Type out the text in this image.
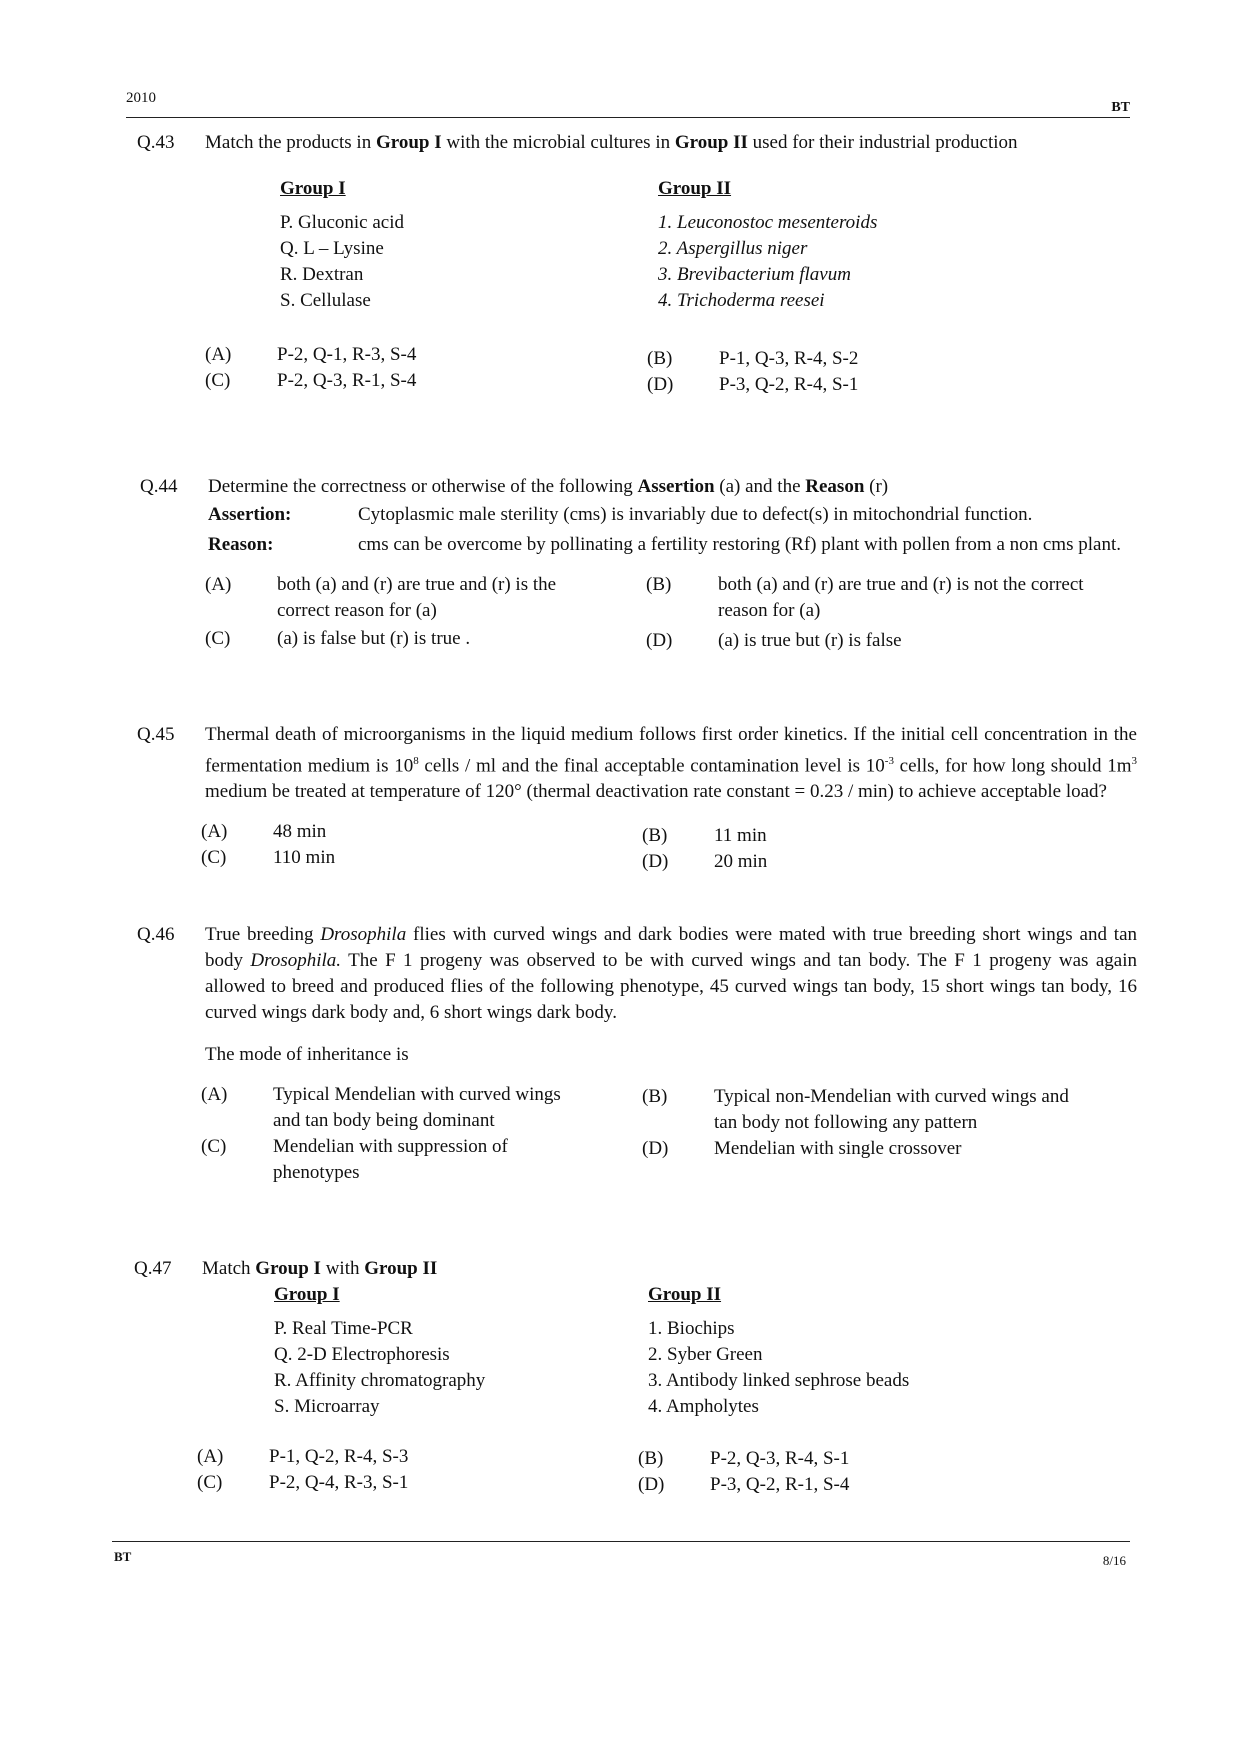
2010
BT
Q.43	Match the products in Group I with the microbial cultures in Group II used for their industrial production
Group I
P. Gluconic acid
Q. L – Lysine
R. Dextran
S. Cellulase
Group II
1. Leuconostoc mesenteroids
2. Aspergillus niger
3. Brevibacterium flavum
4. Trichoderma reesei
(A)	P-2, Q-1, R-3, S-4	(B)	P-1, Q-3, R-4, S-2
(C)	P-2, Q-3, R-1, S-4	(D)	P-3, Q-2, R-4, S-1
Q.44	Determine the correctness or otherwise of the following Assertion (a) and the Reason (r)
Assertion:	Cytoplasmic male sterility (cms) is invariably due to defect(s) in mitochondrial function.
Reason:	cms can be overcome by pollinating a fertility restoring (Rf) plant with pollen from a non cms plant.
(A)	both (a) and (r) are true and (r) is the correct reason for (a)
(B)	both (a) and (r) are true and (r) is not the correct reason for (a)
(C)	(a) is false but (r) is true .	(D)	(a) is true but (r) is false
Q.45	Thermal death of microorganisms in the liquid medium follows first order kinetics. If the initial cell concentration in the fermentation medium is $10^8$ cells / ml and the final acceptable contamination level is $10^{-3}$ cells, for how long should $1m^3$ medium be treated at temperature of 120° (thermal deactivation rate constant = 0.23 / min) to achieve acceptable load?
(A)	48 min	(B)	11 min
(C)	110 min	(D)	20 min
Q.46	True breeding Drosophila flies with curved wings and dark bodies were mated with true breeding short wings and tan body Drosophila. The F 1 progeny was observed to be with curved wings and tan body. The F 1 progeny was again allowed to breed and produced flies of the following phenotype, 45 curved wings tan body, 15 short wings tan body, 16 curved wings dark body and, 6 short wings dark body.
The mode of inheritance is
(A)	Typical Mendelian with curved wings and tan body being dominant
(B)	Typical non-Mendelian with curved wings and tan body not following any pattern
(C)	Mendelian with suppression of phenotypes
(D)	Mendelian with single crossover
Q.47	Match Group I with Group II
Group I
P. Real Time-PCR
Q. 2-D Electrophoresis
R. Affinity chromatography
S. Microarray
Group II
1. Biochips
2. Syber Green
3. Antibody linked sephrose beads
4. Ampholytes
(A)	P-1, Q-2, R-4, S-3	(B)	P-2, Q-3, R-4, S-1
(C)	P-2, Q-4, R-3, S-1	(D)	P-3, Q-2, R-1, S-4
BT	8/16
